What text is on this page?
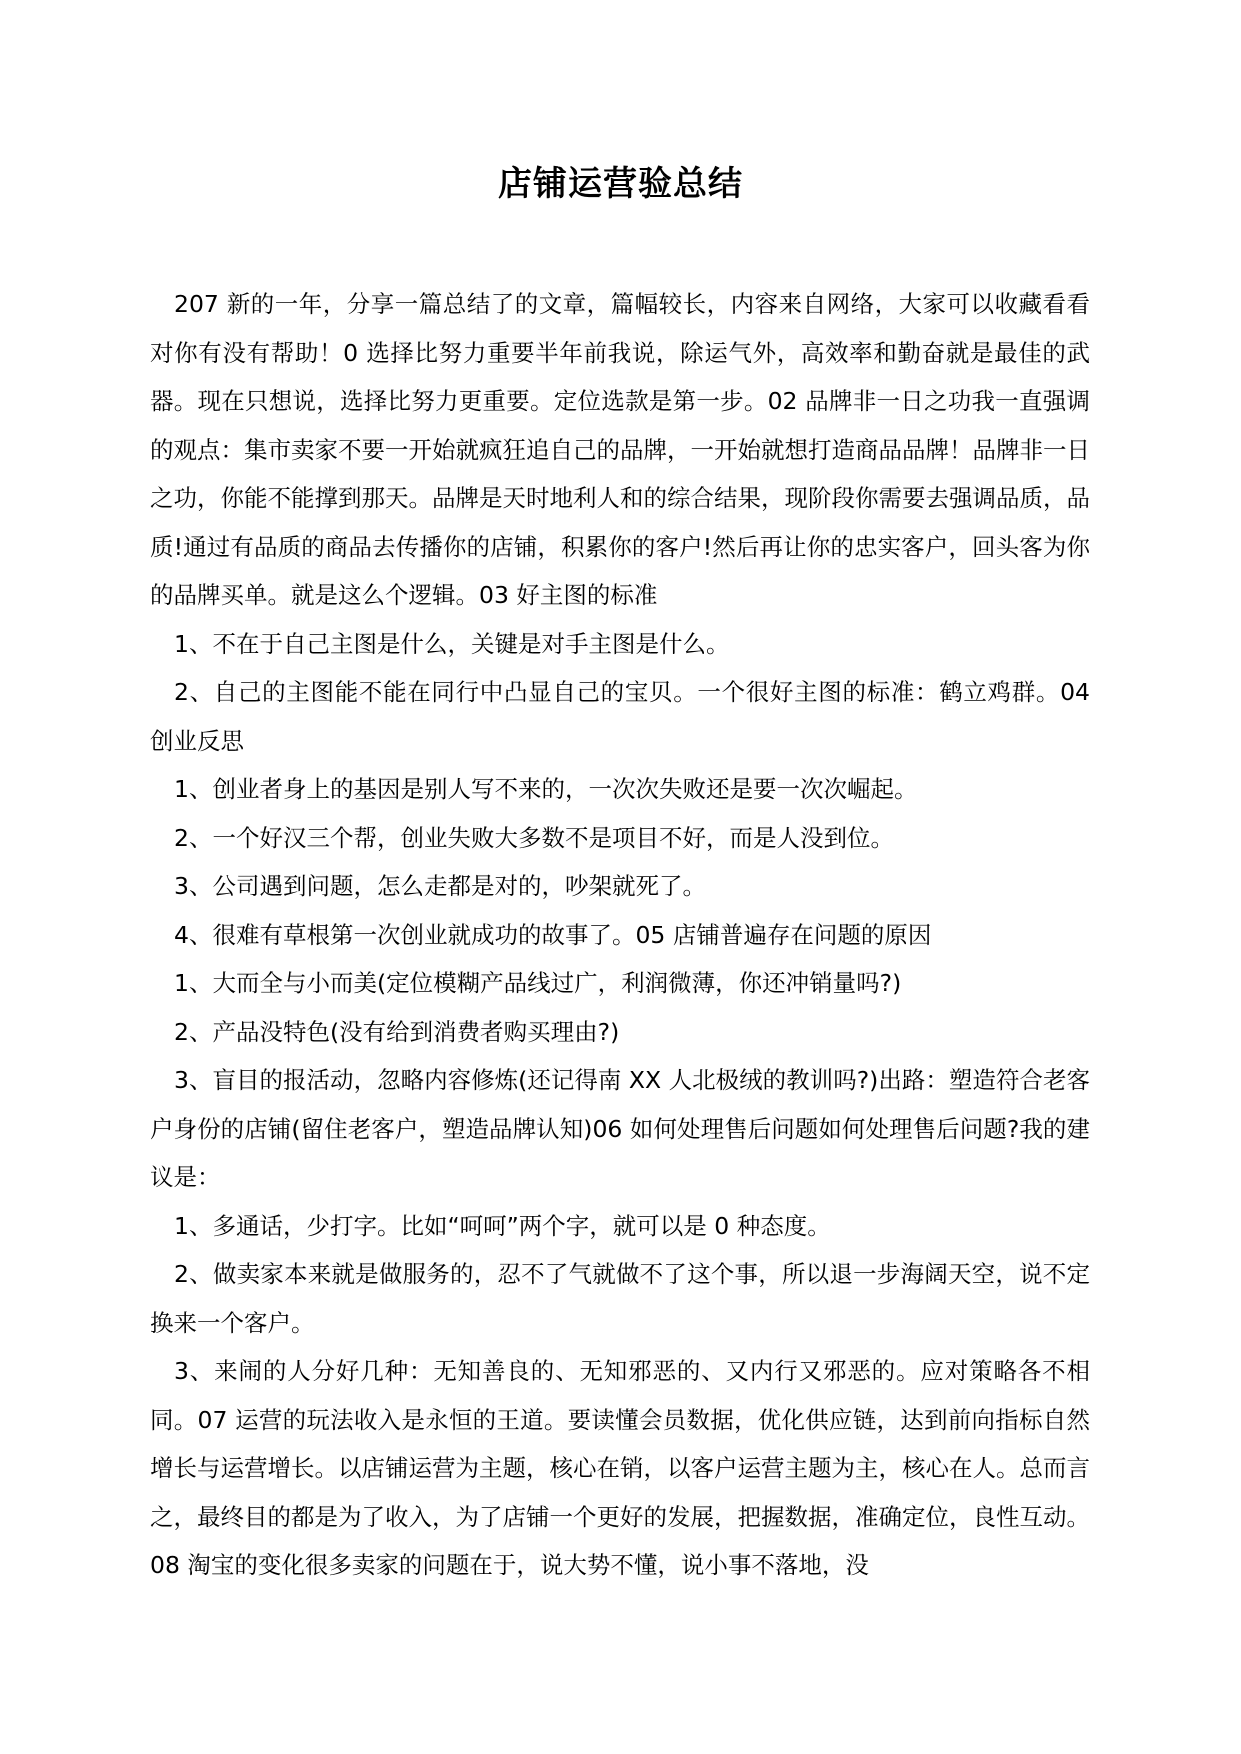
店铺运营验总结

207 新的一年，分享一篇总结了的文章，篇幅较长，内容来自网络，大家可以收藏看看对你有没有帮助！0 选择比努力重要半年前我说，除运气外，高效率和勤奋就是最佳的武器。现在只想说，选择比努力更重要。定位选款是第一步。02 品牌非一日之功我一直强调的观点：集市卖家不要一开始就疯狂追自己的品牌，一开始就想打造商品品牌！品牌非一日之功，你能不能撑到那天。品牌是天时地利人和的综合结果，现阶段你需要去强调品质，品质!通过有品质的商品去传播你的店铺，积累你的客户!然后再让你的忠实客户，回头客为你的品牌买单。就是这么个逻辑。03 好主图的标准

1、不在于自己主图是什么，关键是对手主图是什么。

2、自己的主图能不能在同行中凸显自己的宝贝。一个很好主图的标准：鹤立鸡群。04 创业反思

1、创业者身上的基因是别人写不来的，一次次失败还是要一次次崛起。

2、一个好汉三个帮，创业失败大多数不是项目不好，而是人没到位。

3、公司遇到问题，怎么走都是对的，吵架就死了。

4、很难有草根第一次创业就成功的故事了。05 店铺普遍存在问题的原因

1、大而全与小而美(定位模糊产品线过广，利润微薄，你还冲销量吗?)

2、产品没特色(没有给到消费者购买理由?)

3、盲目的报活动，忽略内容修炼(还记得南 XX 人北极绒的教训吗?)出路：塑造符合老客户身份的店铺(留住老客户，塑造品牌认知)06 如何处理售后问题如何处理售后问题?我的建议是：

1、多通话，少打字。比如“呵呵”两个字，就可以是 0 种态度。

2、做卖家本来就是做服务的，忍不了气就做不了这个事，所以退一步海阔天空，说不定换来一个客户。

3、来闹的人分好几种：无知善良的、无知邪恶的、又内行又邪恶的。应对策略各不相同。07 运营的玩法收入是永恒的王道。要读懂会员数据，优化供应链，达到前向指标自然增长与运营增长。以店铺运营为主题，核心在销，以客户运营主题为主，核心在人。总而言之，最终目的都是为了收入，为了店铺一个更好的发展，把握数据，准确定位，良性互动。08 淘宝的变化很多卖家的问题在于，说大势不懂，说小事不落地，没
